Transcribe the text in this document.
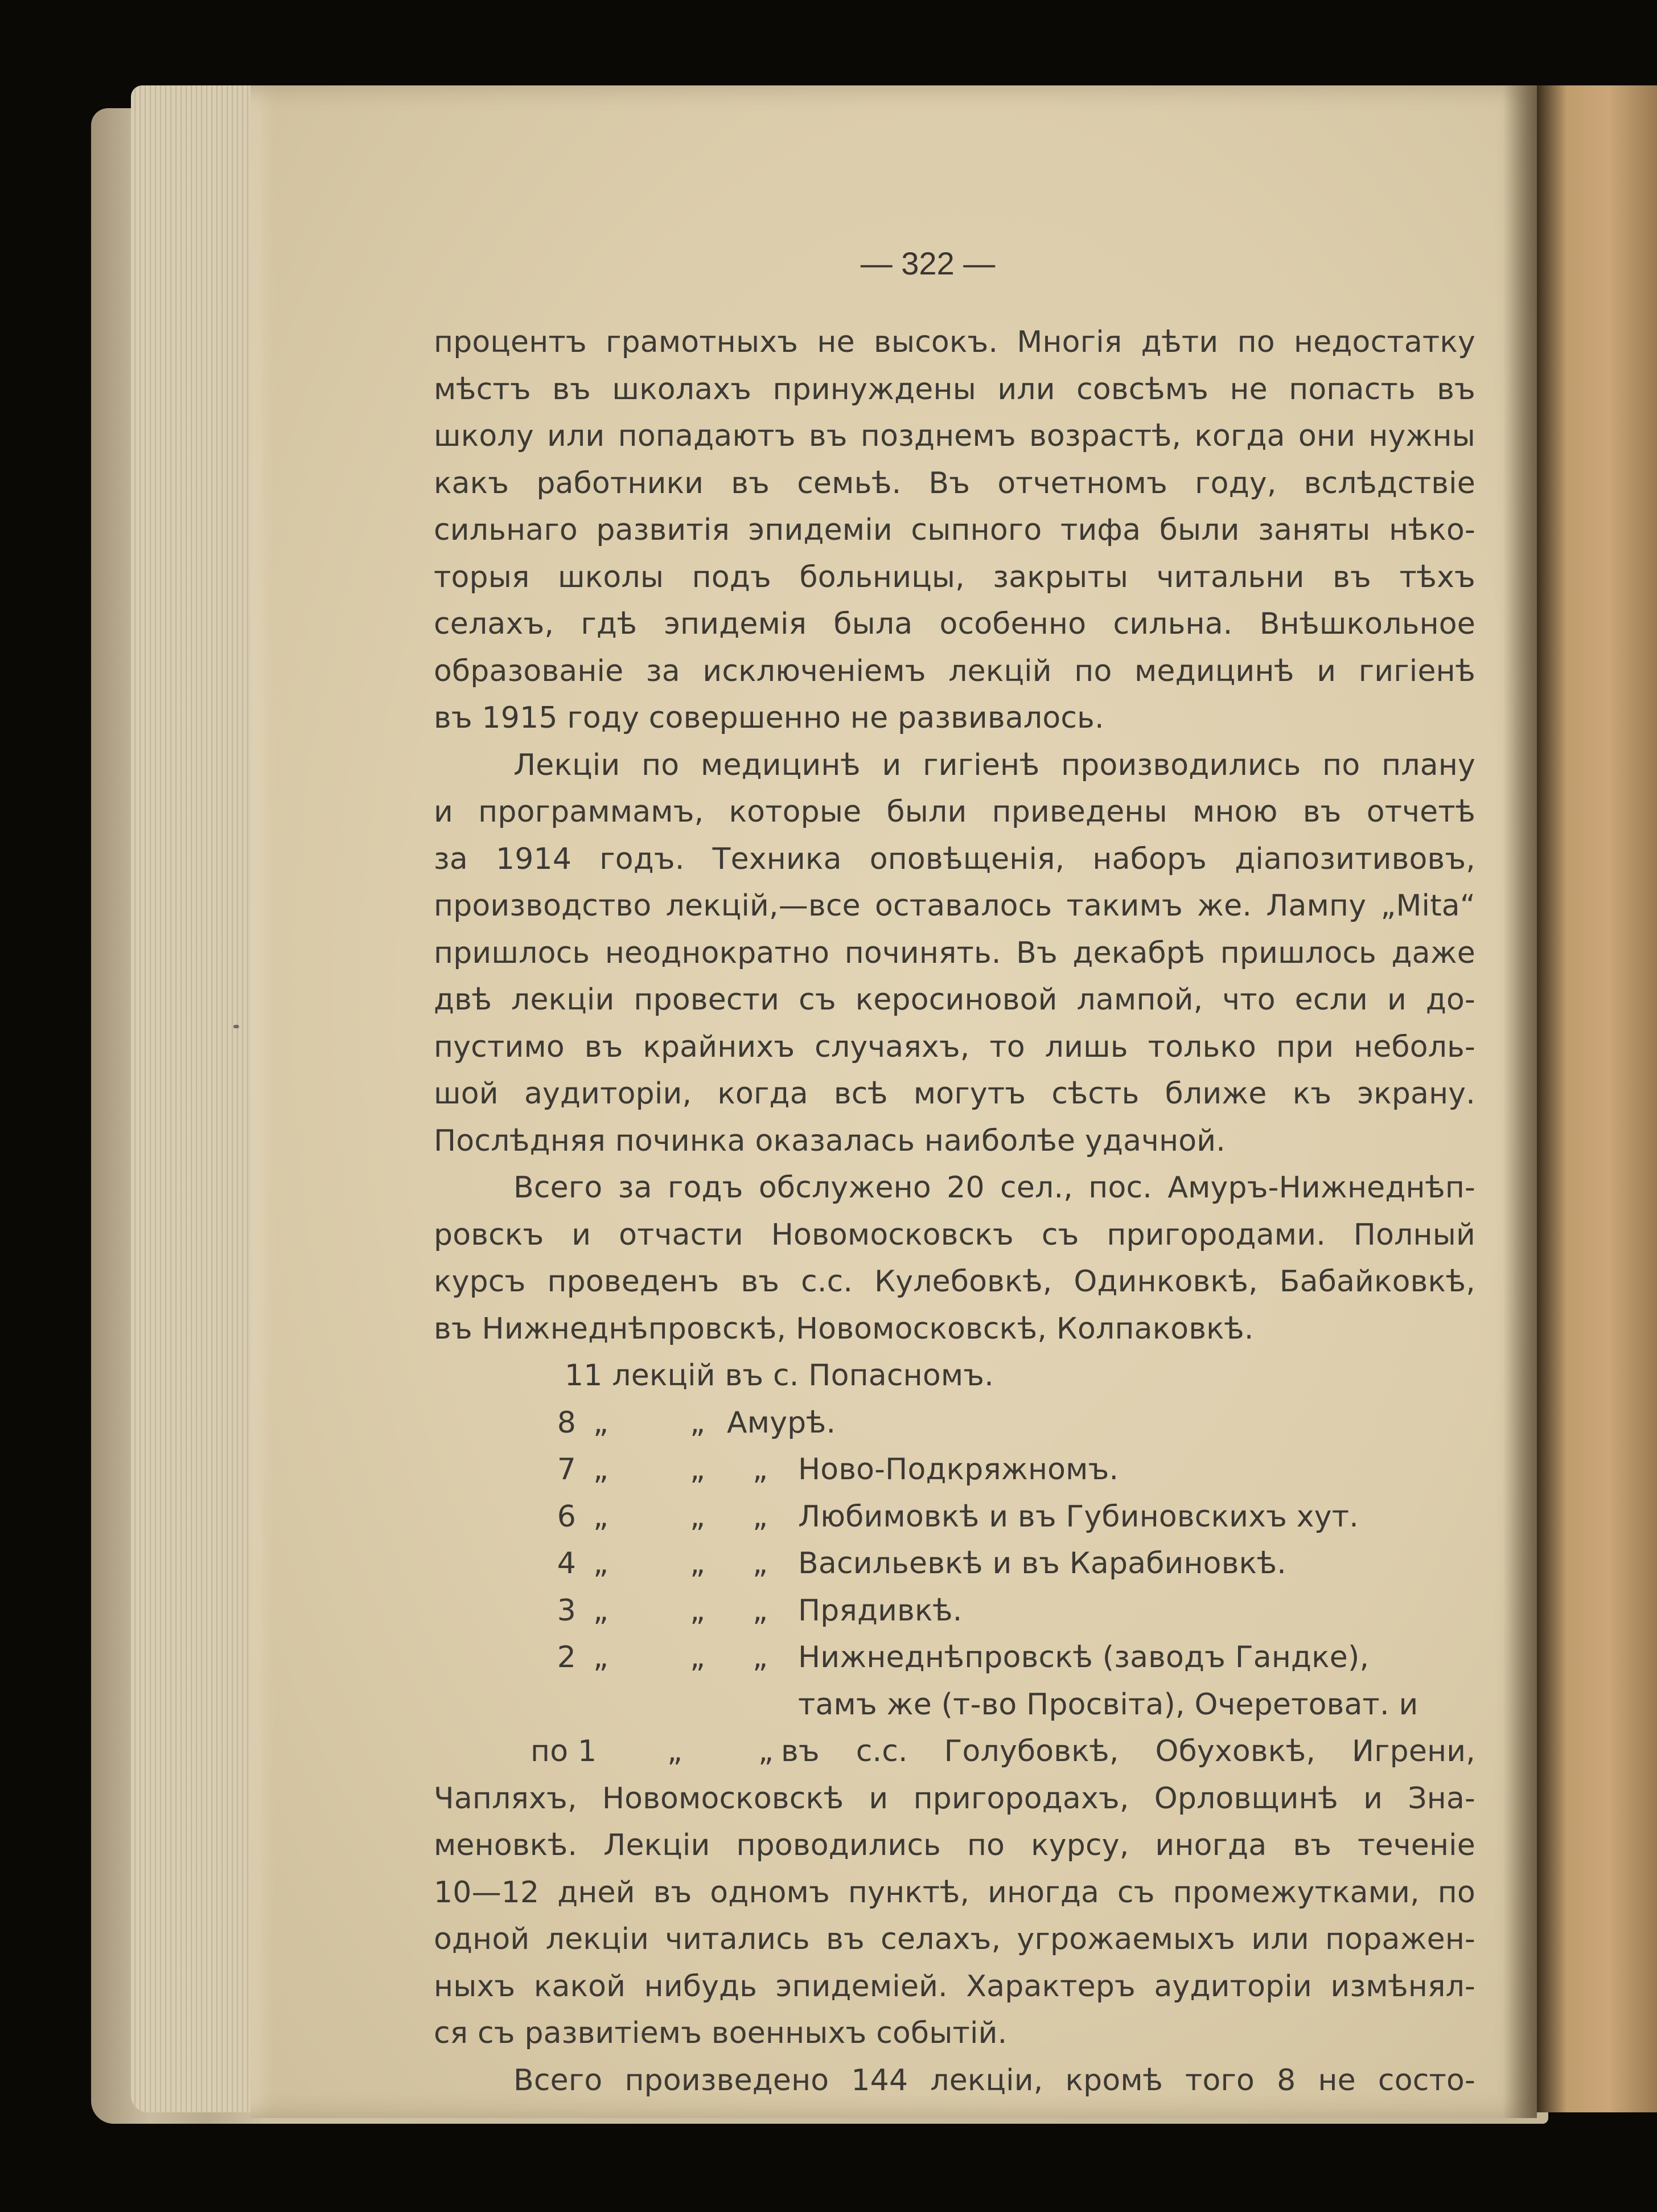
— 322 —

процентъ грамотныхъ не высокъ. Многія дѣти по недостатку

мѣстъ въ школахъ принуждены или совсѣмъ не попасть въ

школу или попадаютъ въ позднемъ возрастѣ, когда они нужны

какъ работники въ семьѣ. Въ отчетномъ году, вслѣдствіе

сильнаго развитія эпидеміи сыпного тифа были заняты нѣко-

торыя школы подъ больницы, закрыты читальни въ тѣхъ

селахъ, гдѣ эпидемія была особенно сильна. Внѣшкольное

образованіе за исключеніемъ лекцій по медицинѣ и гигіенѣ

въ 1915 году совершенно не развивалось.

Лекціи по медицинѣ и гигіенѣ производились по плану

и программамъ, которые были приведены мною въ отчетѣ

за 1914 годъ. Техника оповѣщенія, наборъ діапозитивовъ,

производство лекцій,—все оставалось такимъ же. Лампу „Mita“

пришлось неоднократно починять. Въ декабрѣ пришлось даже

двѣ лекціи провести съ керосиновой лампой, что если и до-

пустимо въ крайнихъ случаяхъ, то лишь только при неболь-

шой аудиторіи, когда всѣ могутъ сѣсть ближе къ экрану.

Послѣдняя починка оказалась наиболѣе удачной.

Всего за годъ обслужено 20 сел., пос. Амуръ-Нижнеднѣп-

ровскъ и отчасти Новомосковскъ съ пригородами. Полный

курсъ проведенъ въ с.с. Кулебовкѣ, Одинковкѣ, Бабайковкѣ,

въ Нижнеднѣпровскѣ, Новомосковскѣ, Колпаковкѣ.

11 лекцій въ с. Попасномъ.
8 „	„ Амурѣ.
7 „	„ „ Ново-Подкряжномъ.
6 „	„ „ Любимовкѣ и въ Губиновскихъ хут.
4 „	„ „ Васильевкѣ и въ Карабиновкѣ.
3 „	„ „ Прядивкѣ.
2 „	„ „ Нижнеднѣпровскѣ (заводъ Гандке),
тамъ же (т-во Просвіта), Очеретоват. и
по 1 „	„ въ с.с. Голубовкѣ, Обуховкѣ, Игрени,

Чапляхъ, Новомосковскѣ и пригородахъ, Орловщинѣ и Зна-

меновкѣ. Лекціи проводились по курсу, иногда въ теченіе

10—12 дней въ одномъ пунктѣ, иногда съ промежутками, по

одной лекціи читались въ селахъ, угрожаемыхъ или поражен-

ныхъ какой нибудь эпидеміей. Характеръ аудиторіи измѣнял-

ся съ развитіемъ военныхъ событій.

Всего произведено 144 лекціи, кромѣ того 8 не состо-
